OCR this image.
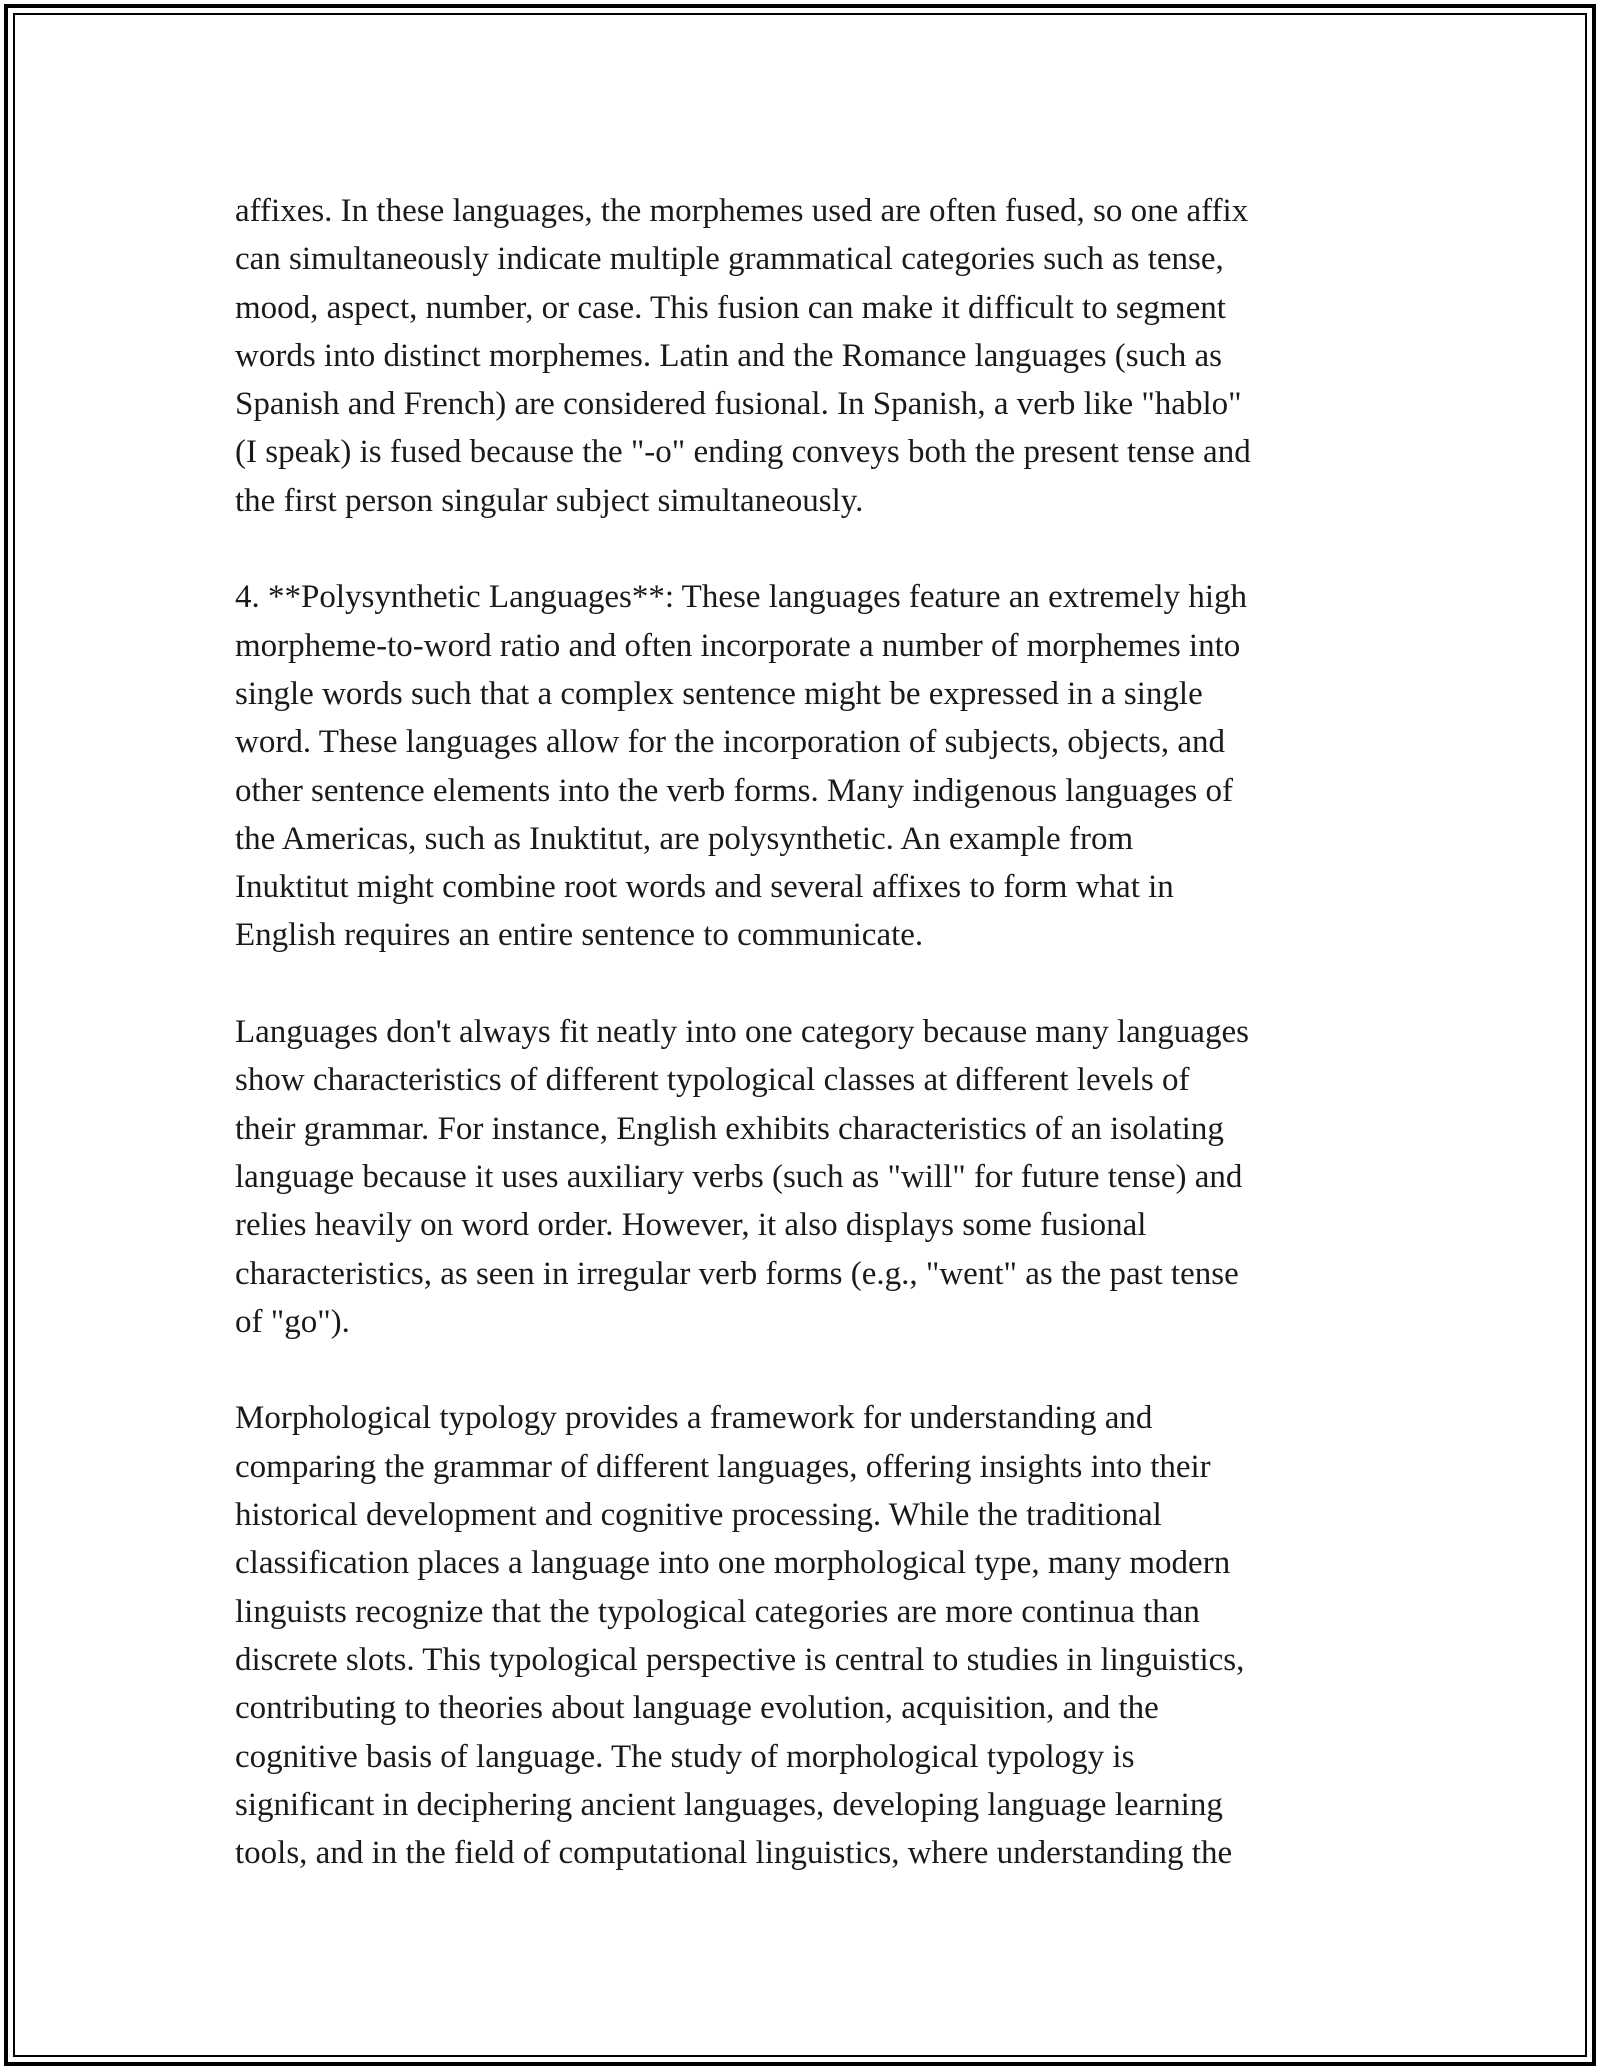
affixes. In these languages, the morphemes used are often fused, so one affix
can simultaneously indicate multiple grammatical categories such as tense,
mood, aspect, number, or case. This fusion can make it difficult to segment
words into distinct morphemes. Latin and the Romance languages (such as
Spanish and French) are considered fusional. In Spanish, a verb like "hablo"
(I speak) is fused because the "-o" ending conveys both the present tense and
the first person singular subject simultaneously.

4. **Polysynthetic Languages**: These languages feature an extremely high
morpheme-to-word ratio and often incorporate a number of morphemes into
single words such that a complex sentence might be expressed in a single
word. These languages allow for the incorporation of subjects, objects, and
other sentence elements into the verb forms. Many indigenous languages of
the Americas, such as Inuktitut, are polysynthetic. An example from
Inuktitut might combine root words and several affixes to form what in
English requires an entire sentence to communicate.

Languages don't always fit neatly into one category because many languages
show characteristics of different typological classes at different levels of
their grammar. For instance, English exhibits characteristics of an isolating
language because it uses auxiliary verbs (such as "will" for future tense) and
relies heavily on word order. However, it also displays some fusional
characteristics, as seen in irregular verb forms (e.g., "went" as the past tense
of "go").

Morphological typology provides a framework for understanding and
comparing the grammar of different languages, offering insights into their
historical development and cognitive processing. While the traditional
classification places a language into one morphological type, many modern
linguists recognize that the typological categories are more continua than
discrete slots. This typological perspective is central to studies in linguistics,
contributing to theories about language evolution, acquisition, and the
cognitive basis of language. The study of morphological typology is
significant in deciphering ancient languages, developing language learning
tools, and in the field of computational linguistics, where understanding the
